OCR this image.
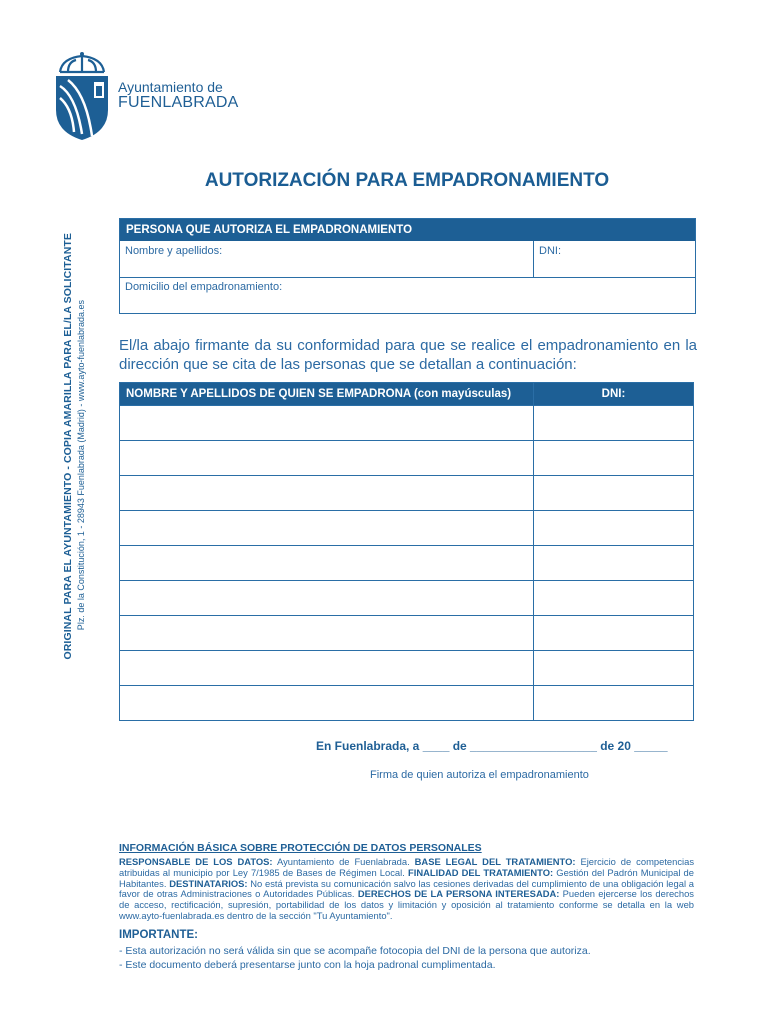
Ayuntamiento de
FUENLABRADA
ORIGINAL PARA EL AYUNTAMIENTO - COPIA AMARILLA PARA EL/LA SOLICITANTE Plz. de la Constitución, 1 - 28943 Fuenlabrada (Madrid) - www.ayto-fuenlabrada.es
AUTORIZACIÓN PARA EMPADRONAMIENTO
PERSONA QUE AUTORIZA EL EMPADRONAMIENTO
Nombre y apellidos:	DNI:
Domicilio del empadronamiento:
El/la abajo firmante da su conformidad para que se realice el empadronamiento en la dirección que se cita de las personas que se detallan a continuación:
NOMBRE Y APELLIDOS DE QUIEN SE EMPADRONA (con mayúsculas)	DNI:

En Fuenlabrada, a ____ de ___________________ de 20 _____
Firma de quien autoriza el empadronamiento
INFORMACIÓN BÁSICA SOBRE PROTECCIÓN DE DATOS PERSONALES
RESPONSABLE DE LOS DATOS: Ayuntamiento de Fuenlabrada. BASE LEGAL DEL TRATAMIENTO: Ejercicio de competencias atribuidas al municipio por Ley 7/1985 de Bases de Régimen Local. FINALIDAD DEL TRATAMIENTO: Gestión del Padrón Municipal de Habitantes. DESTINATARIOS: No está prevista su comunicación salvo las cesiones derivadas del cumplimiento de una obligación legal a favor de otras Administraciones o Autoridades Públicas. DERECHOS DE LA PERSONA INTERESADA: Pueden ejercerse los derechos de acceso, rectificación, supresión, portabilidad de los datos y limitación y oposición al tratamiento conforme se detalla en la web www.ayto-fuenlabrada.es dentro de la sección "Tu Ayuntamiento".
IMPORTANTE:
- Esta autorización no será válida sin que se acompañe fotocopia del DNI de la persona que autoriza.
- Este documento deberá presentarse junto con la hoja padronal cumplimentada.
